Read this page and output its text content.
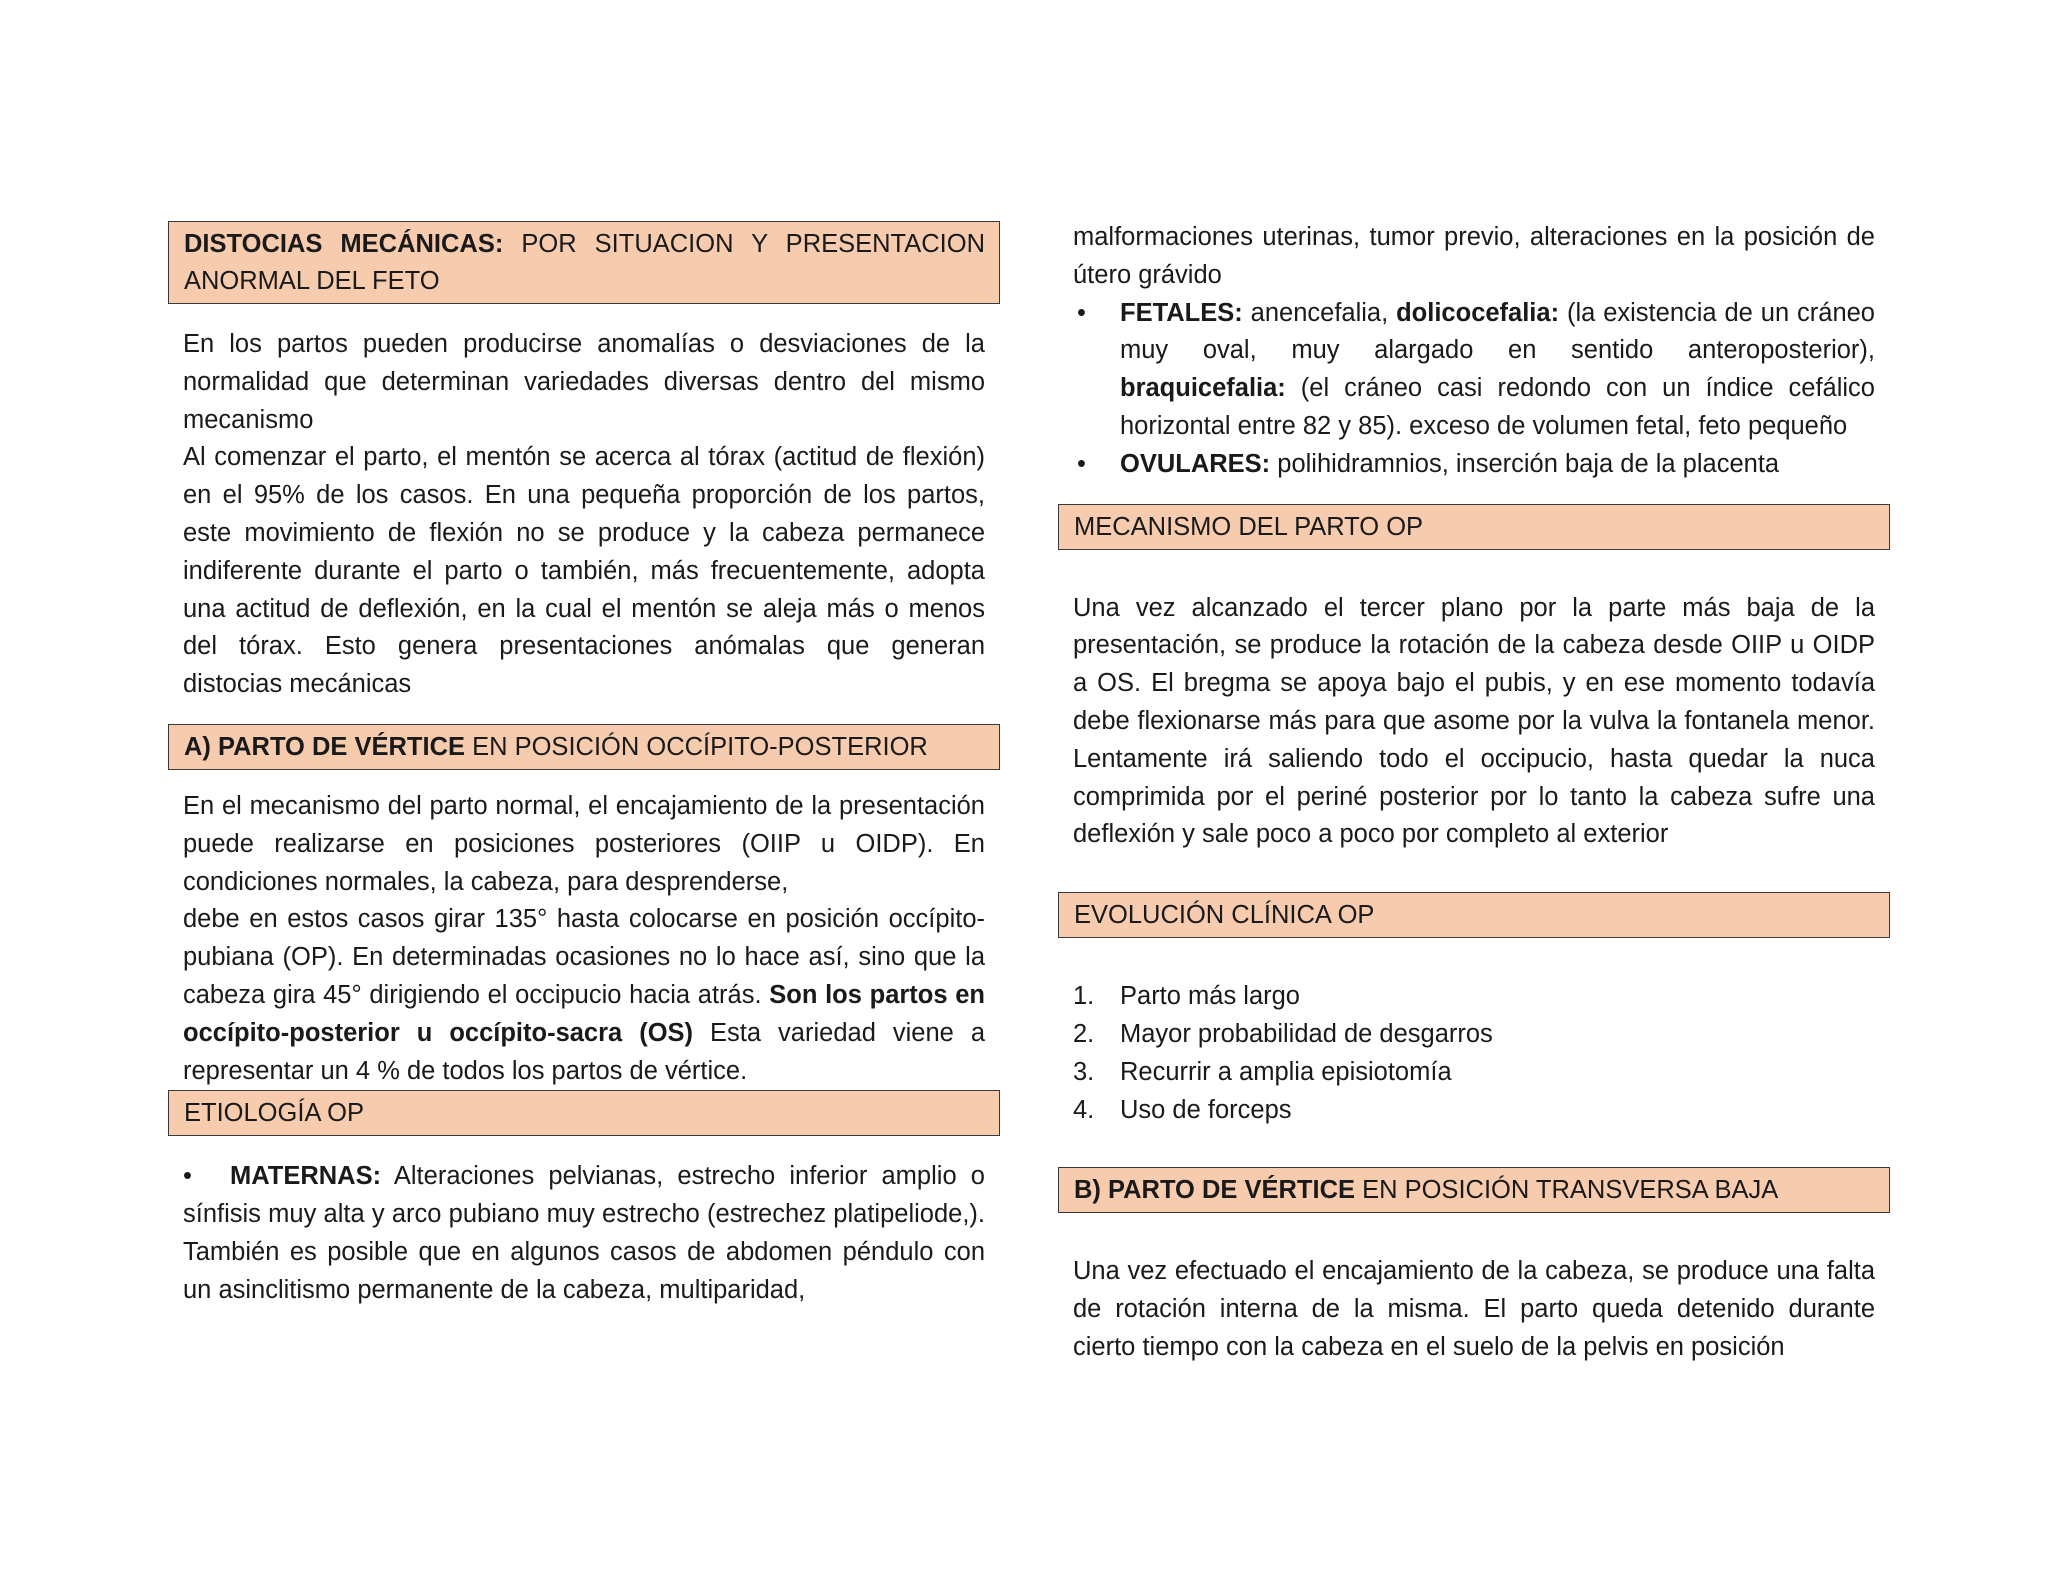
DISTOCIAS MECÁNICAS: POR SITUACION Y PRESENTACION ANORMAL DEL FETO

En los partos pueden producirse anomalías o desviaciones de la normalidad que determinan variedades diversas dentro del mismo mecanismo

Al comenzar el parto, el mentón se acerca al tórax (actitud de flexión) en el 95% de los casos. En una pequeña proporción de los partos, este movimiento de flexión no se produce y la cabeza permanece indiferente durante el parto o también, más frecuentemente, adopta una actitud de deflexión, en la cual el mentón se aleja más o menos del tórax. Esto genera presentaciones anómalas que generan distocias mecánicas

A) PARTO DE VÉRTICE EN POSICIÓN OCCÍPITO-POSTERIOR

En el mecanismo del parto normal, el encajamiento de la presentación puede realizarse en posiciones posteriores (OIIP u OIDP). En condiciones normales, la cabeza, para desprenderse,

debe en estos casos girar 135° hasta colocarse en posición occípito-pubiana (OP). En determinadas ocasiones no lo hace así, sino que la cabeza gira 45° dirigiendo el occipucio hacia atrás. Son los partos en occípito-posterior u occípito-sacra (OS) Esta variedad viene a representar un 4 % de todos los partos de vértice.

ETIOLOGÍA OP

• MATERNAS: Alteraciones pelvianas, estrecho inferior amplio o sínfisis muy alta y arco pubiano muy estrecho (estrechez platipeliode,). También es posible que en algunos casos de abdomen péndulo con un asinclitismo permanente de la cabeza, multiparidad,

malformaciones uterinas, tumor previo, alteraciones en la posición de útero grávido

• FETALES: anencefalia, dolicocefalia: (la existencia de un cráneo muy oval, muy alargado en sentido anteroposterior), braquicefalia: (el cráneo casi redondo con un índice cefálico horizontal entre 82 y 85). exceso de volumen fetal, feto pequeño
• OVULARES: polihidramnios, inserción baja de la placenta
MECANISMO DEL PARTO OP

Una vez alcanzado el tercer plano por la parte más baja de la presentación, se produce la rotación de la cabeza desde OIIP u OIDP a OS. El bregma se apoya bajo el pubis, y en ese momento todavía debe flexionarse más para que asome por la vulva la fontanela menor. Lentamente irá saliendo todo el occipucio, hasta quedar la nuca comprimida por el periné posterior por lo tanto la cabeza sufre una deflexión y sale poco a poco por completo al exterior

EVOLUCIÓN CLÍNICA OP
1. Parto más largo
2. Mayor probabilidad de desgarros
3. Recurrir a amplia episiotomía
4. Uso de forceps
B) PARTO DE VÉRTICE EN POSICIÓN TRANSVERSA BAJA

Una vez efectuado el encajamiento de la cabeza, se produce una falta de rotación interna de la misma. El parto queda detenido durante cierto tiempo con la cabeza en el suelo de la pelvis en posición
